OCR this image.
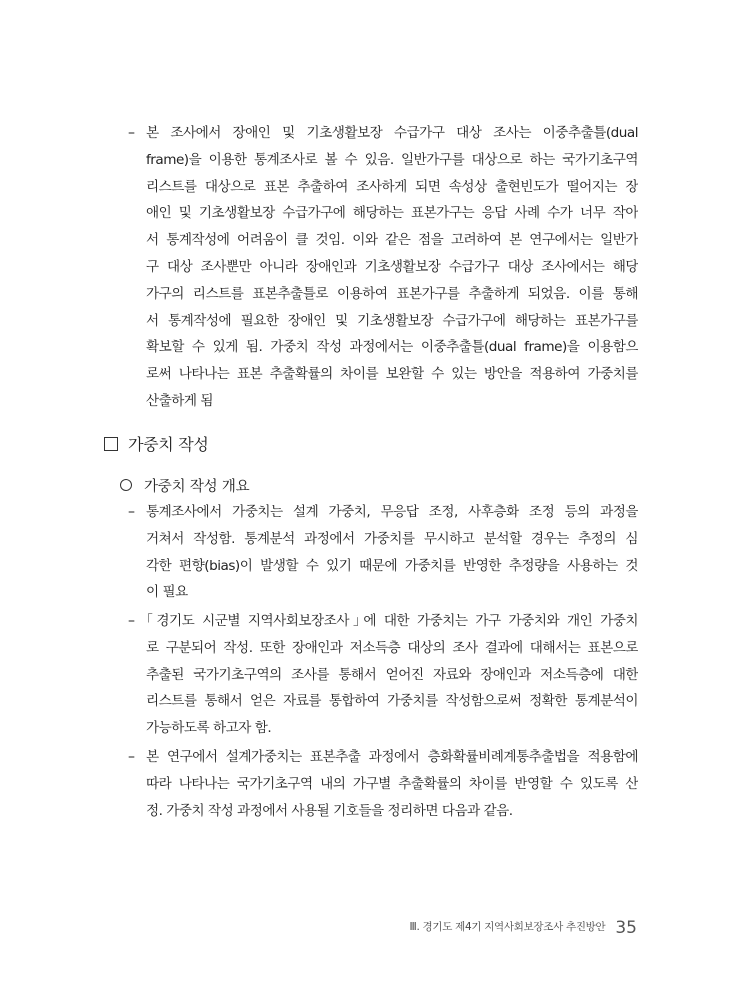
– 본 조사에서 장애인 및 기초생활보장 수급가구 대상 조사는 이중추출틀(dual
frame)을 이용한 통계조사로 볼 수 있음. 일반가구를 대상으로 하는 국가기초구역
리스트를 대상으로 표본 추출하여 조사하게 되면 속성상 출현빈도가 떨어지는 장
애인 및 기초생활보장 수급가구에 해당하는 표본가구는 응답 사례 수가 너무 작아
서 통계작성에 어려움이 클 것임. 이와 같은 점을 고려하여 본 연구에서는 일반가
구 대상 조사뿐만 아니라 장애인과 기초생활보장 수급가구 대상 조사에서는 해당
가구의 리스트를 표본추출틀로 이용하여 표본가구를 추출하게 되었음. 이를 통해
서 통계작성에 필요한 장애인 및 기초생활보장 수급가구에 해당하는 표본가구를
확보할 수 있게 됨. 가중치 작성 과정에서는 이중추출틀(dual frame)을 이용함으
로써 나타나는 표본 추출확률의 차이를 보완할 수 있는 방안을 적용하여 가중치를
산출하게 됨
가중치 작성
가중치 작성 개요
– 통계조사에서 가중치는 설계 가중치, 무응답 조정, 사후층화 조정 등의 과정을
거쳐서 작성함. 통계분석 과정에서 가중치를 무시하고 분석할 경우는 추정의 심
각한 편향(bias)이 발생할 수 있기 때문에 가중치를 반영한 추정량을 사용하는 것
이 필요
– ｢경기도 시군별 지역사회보장조사｣에 대한 가중치는 가구 가중치와 개인 가중치
로 구분되어 작성. 또한 장애인과 저소득층 대상의 조사 결과에 대해서는 표본으로
추출된 국가기초구역의 조사를 통해서 얻어진 자료와 장애인과 저소득층에 대한
리스트를 통해서 얻은 자료를 통합하여 가중치를 작성함으로써 정확한 통계분석이
가능하도록 하고자 함.
– 본 연구에서 설계가중치는 표본추출 과정에서 층화확률비례계통추출법을 적용함에
따라 나타나는 국가기초구역 내의 가구별 추출확률의 차이를 반영할 수 있도록 산
정. 가중치 작성 과정에서 사용될 기호들을 정리하면 다음과 같음.
Ⅲ. 경기도 제4기 지역사회보장조사 추진방안 35
